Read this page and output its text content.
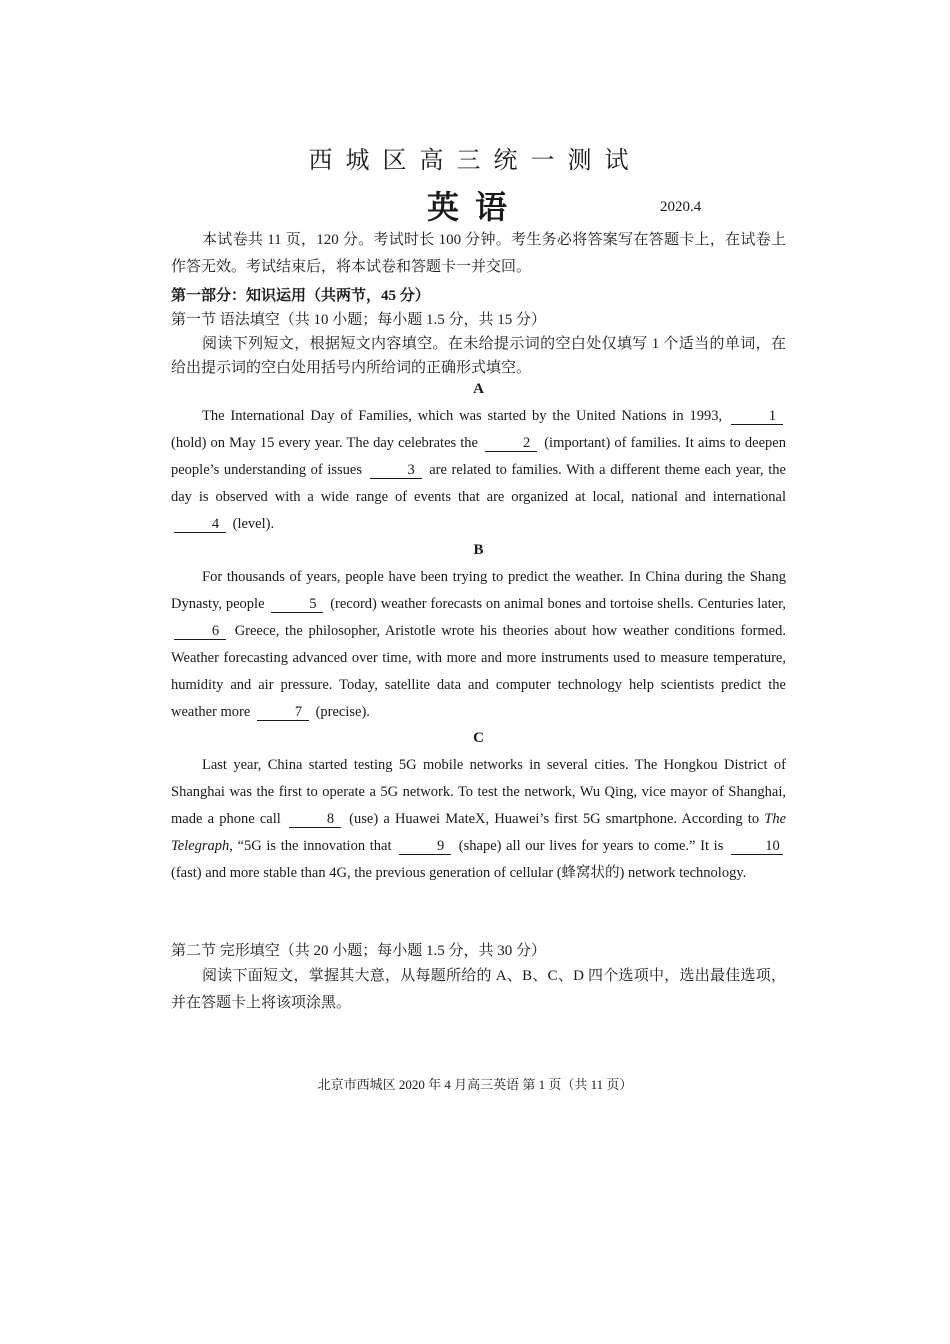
西城区高三统一测试
英语	2020.4

本试卷共 11 页，120 分。考试时长 100 分钟。考生务必将答案写在答题卡上，在试卷上作答无效。考试结束后，将本试卷和答题卡一并交回。

第一部分：知识运用（共两节，45 分）

第一节 语法填空（共 10 小题；每小题 1.5 分，共 15 分）

阅读下列短文，根据短文内容填空。在未给提示词的空白处仅填写 1 个适当的单词，在给出提示词的空白处用括号内所给词的正确形式填空。

A

The International Day of Families, which was started by the United Nations in 1993,	1 (hold) on May 15 every year. The day celebrates the	2 (important) of families. It aims to deepen people’s understanding of issues	3 are related to families. With a different theme each year, the day is observed with a wide range of events that are organized at local, national and international 4 (level).

B

For thousands of years, people have been trying to predict the weather. In China during the Shang Dynasty, people	5 (record) weather forecasts on animal bones and tortoise shells. Centuries later, 6 Greece, the philosopher, Aristotle wrote his theories about how weather conditions formed. Weather forecasting advanced over time, with more and more instruments used to measure temperature, humidity and air pressure. Today, satellite data and computer technology help scientists predict the weather more	7 (precise).

C

Last year, China started testing 5G mobile networks in several cities. The Hongkou District of Shanghai was the first to operate a 5G network. To test the network, Wu Qing, vice mayor of Shanghai, made a phone call	8 (use) a Huawei MateX, Huawei’s first 5G smartphone. According to The Telegraph, “5G is the innovation that	9 (shape) all our lives for years to come.” It is	10 (fast) and more stable than 4G, the previous generation of cellular (蜂窝状的) network technology.

第二节 完形填空（共 20 小题；每小题 1.5 分，共 30 分）

阅读下面短文，掌握其大意，从每题所给的 A、B、C、D 四个选项中，选出最佳选项，并在答题卡上将该项涂黑。

北京市西城区 2020 年 4 月高三英语 第 1 页（共 11 页）
